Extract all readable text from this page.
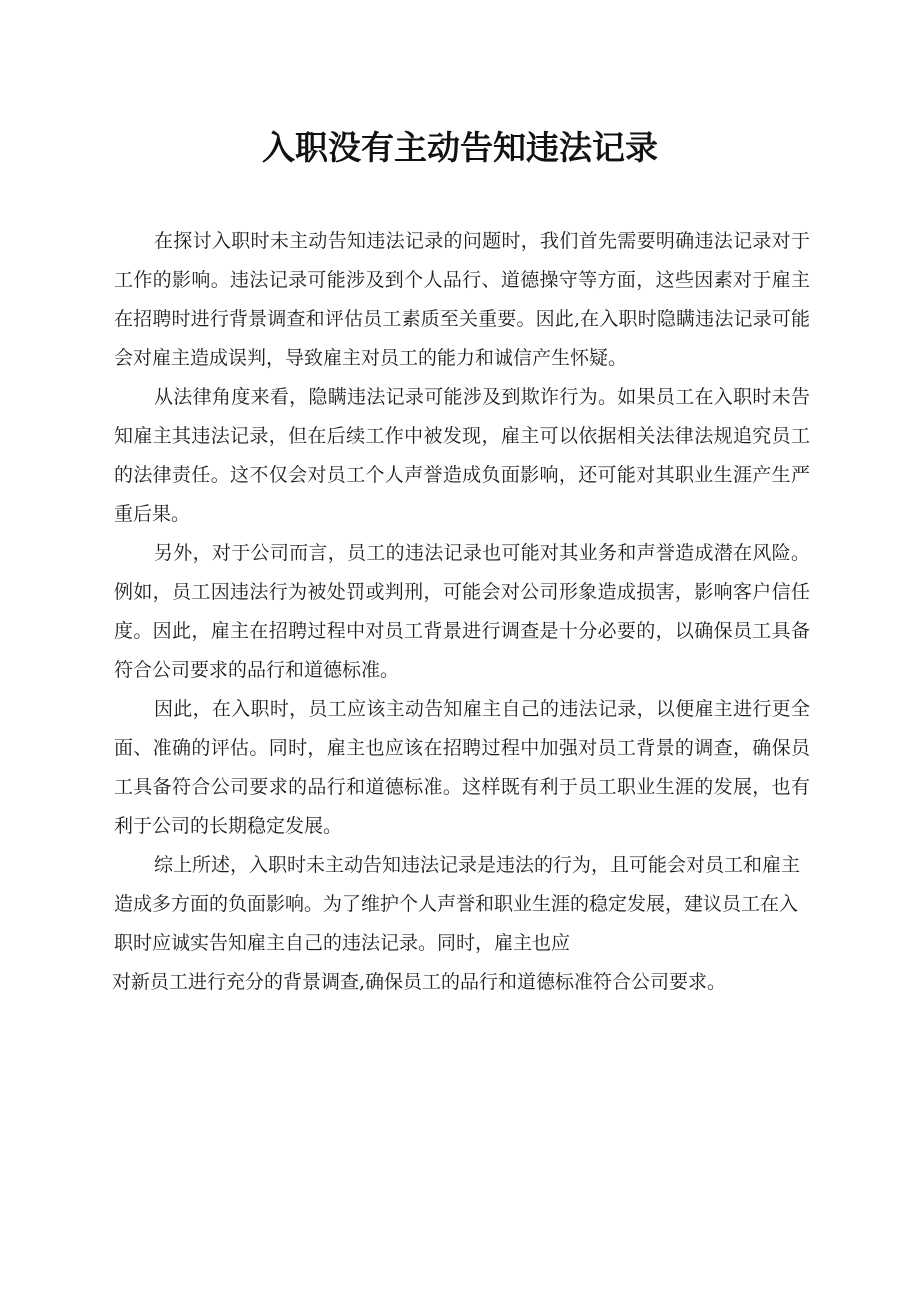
入职没有主动告知违法记录

在探讨入职时未主动告知违法记录的问题时，我们首先需要明确违法记录对于工作的影响。违法记录可能涉及到个人品行、道德操守等方面，这些因素对于雇主在招聘时进行背景调查和评估员工素质至关重要。因此,在入职时隐瞒违法记录可能会对雇主造成误判，导致雇主对员工的能力和诚信产生怀疑。

从法律角度来看，隐瞒违法记录可能涉及到欺诈行为。如果员工在入职时未告知雇主其违法记录，但在后续工作中被发现，雇主可以依据相关法律法规追究员工的法律责任。这不仅会对员工个人声誉造成负面影响，还可能对其职业生涯产生严重后果。

另外，对于公司而言，员工的违法记录也可能对其业务和声誉造成潜在风险。例如，员工因违法行为被处罚或判刑，可能会对公司形象造成损害，影响客户信任度。因此，雇主在招聘过程中对员工背景进行调查是十分必要的，以确保员工具备符合公司要求的品行和道德标准。

因此，在入职时，员工应该主动告知雇主自己的违法记录，以便雇主进行更全面、准确的评估。同时，雇主也应该在招聘过程中加强对员工背景的调查，确保员工具备符合公司要求的品行和道德标准。这样既有利于员工职业生涯的发展，也有利于公司的长期稳定发展。

综上所述，入职时未主动告知违法记录是违法的行为，且可能会对员工和雇主造成多方面的负面影响。为了维护个人声誉和职业生涯的稳定发展，建议员工在入职时应诚实告知雇主自己的违法记录。同时，雇主也应

对新员工进行充分的背景调查,确保员工的品行和道德标准符合公司要求。
